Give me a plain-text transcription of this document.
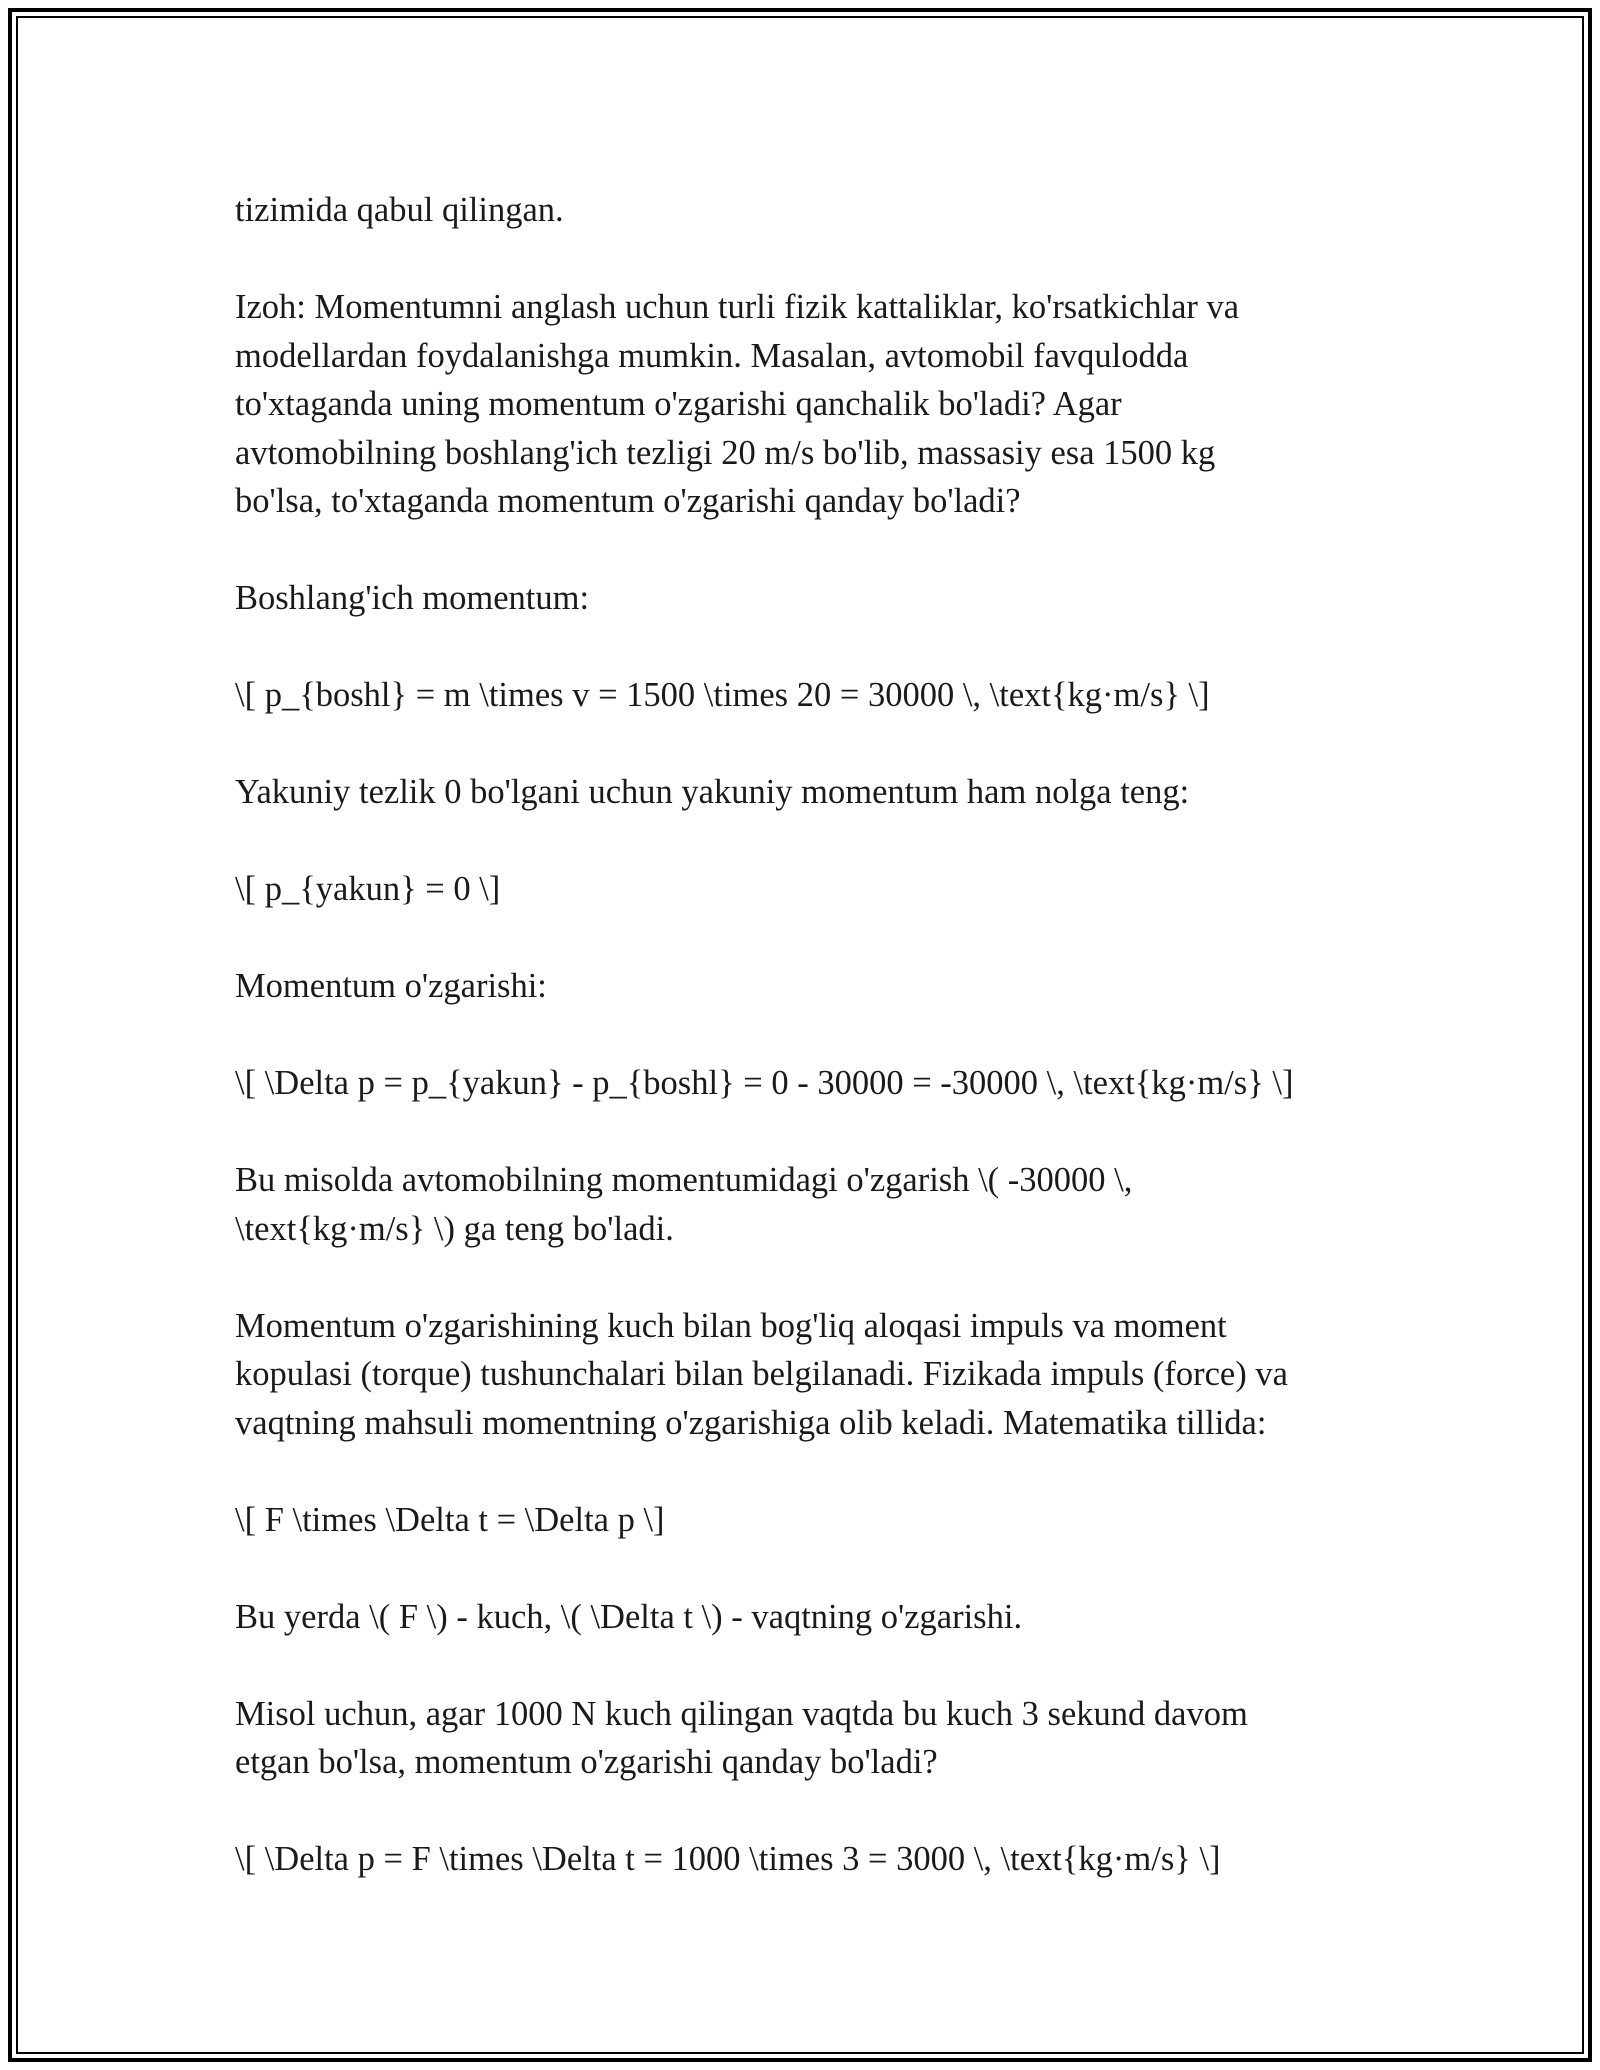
tizimida qabul qilingan.

Izoh: Momentumni anglash uchun turli fizik kattaliklar, ko'rsatkichlar va
modellardan foydalanishga mumkin. Masalan, avtomobil favqulodda
to'xtaganda uning momentum o'zgarishi qanchalik bo'ladi? Agar
avtomobilning boshlang'ich tezligi 20 m/s bo'lib, massasiy esa 1500 kg
bo'lsa, to'xtaganda momentum o'zgarishi qanday bo'ladi?

Boshlang'ich momentum:

\[ p_{boshl} = m \times v = 1500 \times 20 = 30000 \, \text{kg·m/s} \]

Yakuniy tezlik 0 bo'lgani uchun yakuniy momentum ham nolga teng:

\[ p_{yakun} = 0 \]

Momentum o'zgarishi:

\[ \Delta p = p_{yakun} - p_{boshl} = 0 - 30000 = -30000 \, \text{kg·m/s} \]

Bu misolda avtomobilning momentumidagi o'zgarish \( -30000 \,
\text{kg·m/s} \) ga teng bo'ladi.

Momentum o'zgarishining kuch bilan bog'liq aloqasi impuls va moment
kopulasi (torque) tushunchalari bilan belgilanadi. Fizikada impuls (force) va
vaqtning mahsuli momentning o'zgarishiga olib keladi. Matematika tillida:

\[ F \times \Delta t = \Delta p \]

Bu yerda \( F \) - kuch, \( \Delta t \) - vaqtning o'zgarishi.

Misol uchun, agar 1000 N kuch qilingan vaqtda bu kuch 3 sekund davom
etgan bo'lsa, momentum o'zgarishi qanday bo'ladi?

\[ \Delta p = F \times \Delta t = 1000 \times 3 = 3000 \, \text{kg·m/s} \]
